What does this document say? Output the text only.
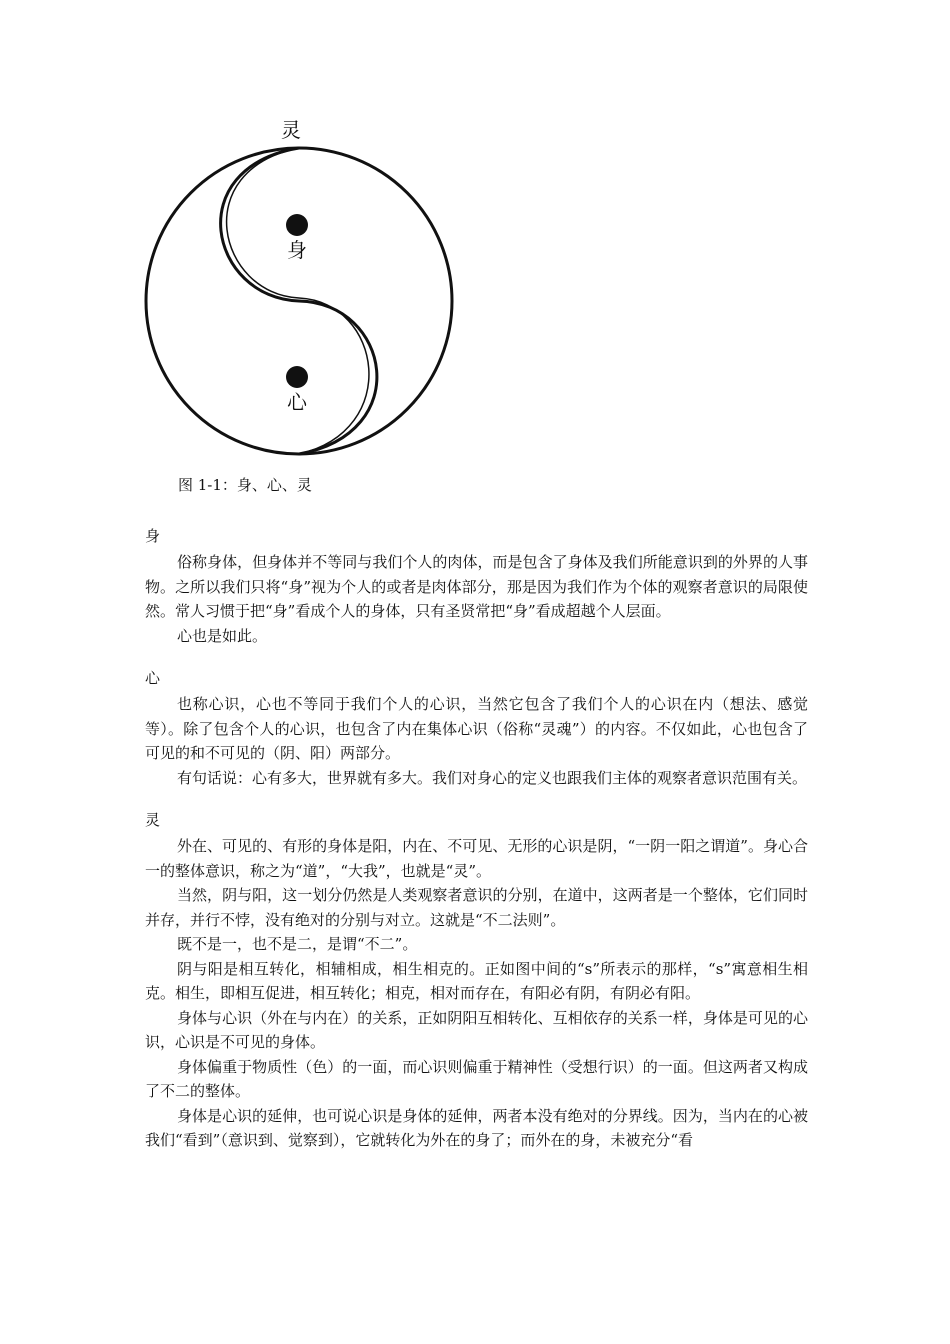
灵
身
心
图 1-1：身、心、灵
身

俗称身体，但身体并不等同与我们个人的肉体，而是包含了身体及我们所能意识到的外界的人事物。之所以我们只将“身”视为个人的或者是肉体部分，那是因为我们作为个体的观察者意识的局限使然。常人习惯于把“身”看成个人的身体，只有圣贤常把“身”看成超越个人层面。

心也是如此。

心

也称心识，心也不等同于我们个人的心识，当然它包含了我们个人的心识在内（想法、感觉等）。除了包含个人的心识，也包含了内在集体心识（俗称“灵魂”）的内容。不仅如此，心也包含了可见的和不可见的（阴、阳）两部分。

有句话说：心有多大，世界就有多大。我们对身心的定义也跟我们主体的观察者意识范围有关。

灵

外在、可见的、有形的身体是阳，内在、不可见、无形的心识是阴，“一阴一阳之谓道”。身心合一的整体意识，称之为“道”，“大我”，也就是“灵”。

当然，阴与阳，这一划分仍然是人类观察者意识的分别，在道中，这两者是一个整体，它们同时并存，并行不悖，没有绝对的分别与对立。这就是“不二法则”。

既不是一，也不是二，是谓“不二”。

阴与阳是相互转化，相辅相成，相生相克的。正如图中间的“s”所表示的那样，“s”寓意相生相克。相生，即相互促进，相互转化；相克，相对而存在，有阳必有阴，有阴必有阳。

身体与心识（外在与内在）的关系，正如阴阳互相转化、互相依存的关系一样，身体是可见的心识，心识是不可见的身体。

身体偏重于物质性（色）的一面，而心识则偏重于精神性（受想行识）的一面。但这两者又构成了不二的整体。

身体是心识的延伸，也可说心识是身体的延伸，两者本没有绝对的分界线。因为，当内在的心被我们“看到”（意识到、觉察到），它就转化为外在的身了；而外在的身，未被充分“看
